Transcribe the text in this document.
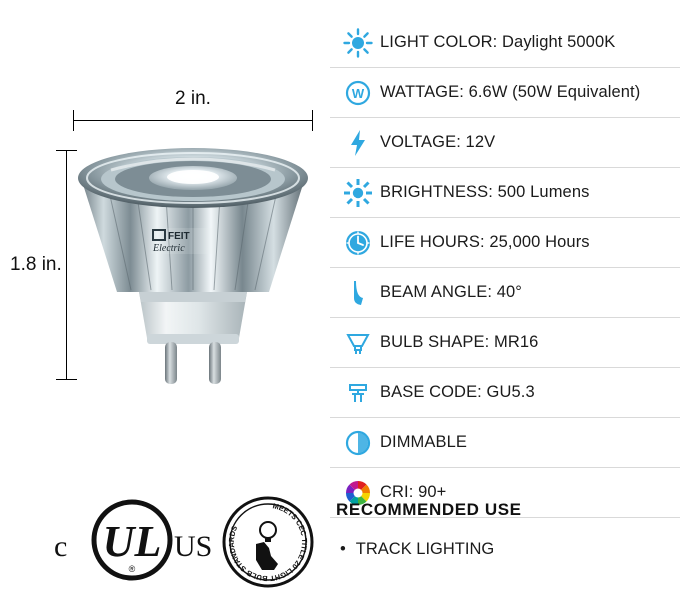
2 in.
1.8 in.
FEIT
Electric
c UL
®
US
MEETS CEC TITLE 20 LIGHT BULB STANDARDS
LIGHT COLOR: Daylight 5000K
W WATTAGE: 6.6W (50W Equivalent)
VOLTAGE: 12V
BRIGHTNESS: 500 Lumens
LIFE HOURS: 25,000 Hours
BEAM ANGLE: 40°
BULB SHAPE: MR16
BASE CODE: GU5.3
DIMMABLE
CRI: 90+
RECOMMENDED USE
• TRACK LIGHTING
